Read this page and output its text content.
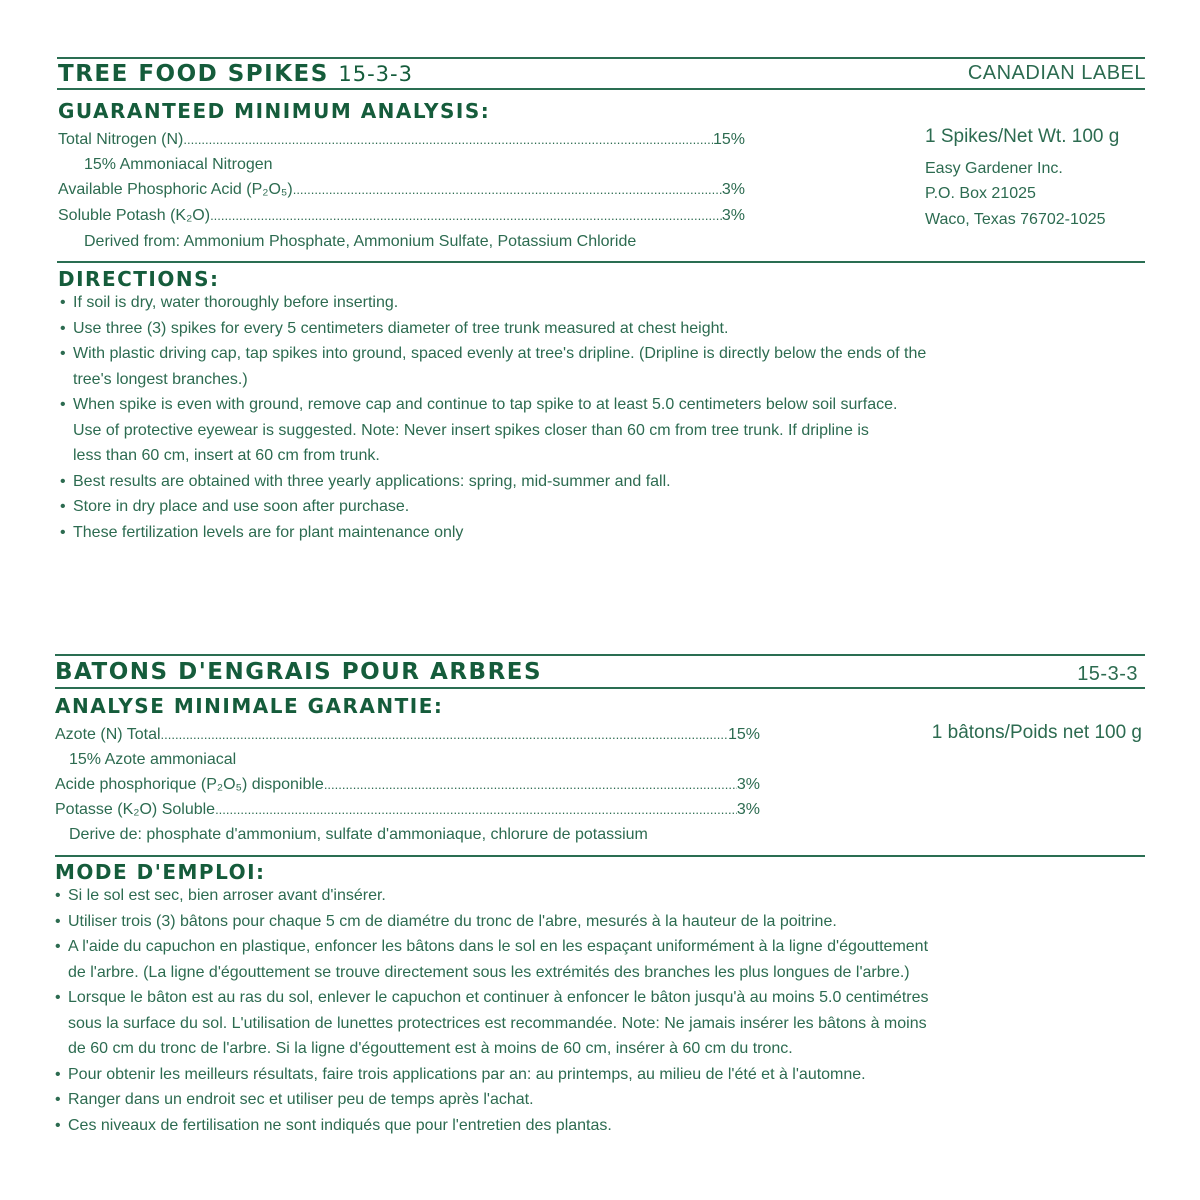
TREE FOOD SPIKES 15-3-3	CANADIAN LABEL
GUARANTEED MINIMUM ANALYSIS:
Total Nitrogen (N) .....	15%
15% Ammoniacal Nitrogen
Available Phosphoric Acid (P₂O₅) .....	3%
Soluble Potash (K₂O) .....	3%
Derived from: Ammonium Phosphate, Ammonium Sulfate, Potassium Chloride
1 Spikes/Net Wt. 100 g
Easy Gardener Inc.
P.O. Box 21025
Waco, Texas 76702-1025
DIRECTIONS:
• If soil is dry, water thoroughly before inserting.
• Use three (3) spikes for every 5 centimeters diameter of tree trunk measured at chest height.
• With plastic driving cap, tap spikes into ground, spaced evenly at tree's dripline. (Dripline is directly below the ends of the
tree's longest branches.)
• When spike is even with ground, remove cap and continue to tap spike to at least 5.0 centimeters below soil surface.
Use of protective eyewear is suggested. Note: Never insert spikes closer than 60 cm from tree trunk. If dripline is
less than 60 cm, insert at 60 cm from trunk.
• Best results are obtained with three yearly applications: spring, mid-summer and fall.
• Store in dry place and use soon after purchase.
• These fertilization levels are for plant maintenance only
BATONS D'ENGRAIS POUR ARBRES	15-3-3
ANALYSE MINIMALE GARANTIE:
Azote (N) Total .....	15%
15% Azote ammoniacal
Acide phosphorique (P₂O₅) disponible .....	3%
Potasse (K₂O) Soluble .....	3%
Derive de: phosphate d'ammonium, sulfate d'ammoniaque, chlorure de potassium
1 bâtons/Poids net 100 g
MODE D'EMPLOI:
• Si le sol est sec, bien arroser avant d'insérer.
• Utiliser trois (3) bâtons pour chaque 5 cm de diamétre du tronc de l'abre, mesurés à la hauteur de la poitrine.
• A l'aide du capuchon en plastique, enfoncer les bâtons dans le sol en les espaçant uniformément à la ligne d'égouttement
de l'arbre. (La ligne d'égouttement se trouve directement sous les extrémités des branches les plus longues de l'arbre.)
• Lorsque le bâton est au ras du sol, enlever le capuchon et continuer à enfoncer le bâton jusqu'à au moins 5.0 centimétres
sous la surface du sol. L'utilisation de lunettes protectrices est recommandée. Note: Ne jamais insérer les bâtons à moins
de 60 cm du tronc de l'arbre. Si la ligne d'égouttement est à moins de 60 cm, insérer à 60 cm du tronc.
• Pour obtenir les meilleurs résultats, faire trois applications par an: au printemps, au milieu de l'été et à l'automne.
• Ranger dans un endroit sec et utiliser peu de temps après l'achat.
• Ces niveaux de fertilisation ne sont indiqués que pour l'entretien des plantas.
